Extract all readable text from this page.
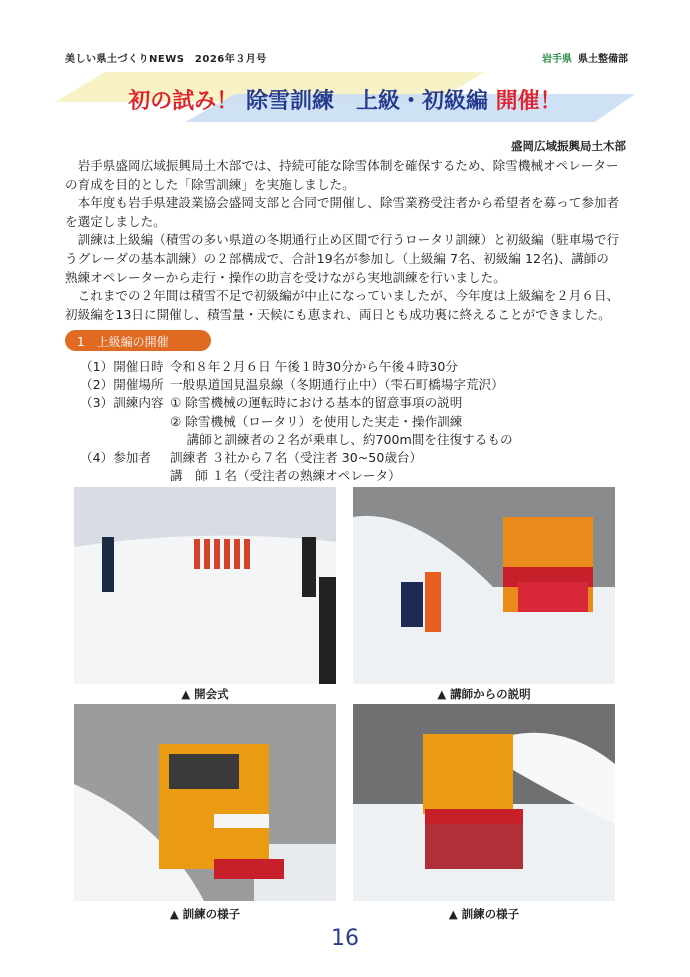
美しい県土づくりNEWS　2026年３月号	岩手県 県土整備部
初の試み！ 除雪訓練　上級・初級編 開催！
盛岡広域振興局土木部
　岩手県盛岡広域振興局土木部では、持続可能な除雪体制を確保するため、除雪機械オペレーター
の育成を目的とした「除雪訓練」を実施しました。
　本年度も岩手県建設業協会盛岡支部と合同で開催し、除雪業務受注者から希望者を募って参加者
を選定しました。
　訓練は上級編（積雪の多い県道の冬期通行止め区間で行うロータリ訓練）と初級編（駐車場で行
うグレーダの基本訓練）の２部構成で、合計19名が参加し（上級編 7名、初級編 12名)、講師の
熟練オペレーターから走行・操作の助言を受けながら実地訓練を行いました。
　これまでの２年間は積雪不足で初級編が中止になっていましたが、今年度は上級編を２月６日、
初級編を13日に開催し、積雪量・天候にも恵まれ、両日とも成功裏に終えることができました。
1　上級編の開催
（1）開催日時 令和８年２月６日 午後１時30分から午後４時30分
（2）開催場所 一般県道国見温泉線（冬期通行止中）（雫石町橋場字荒沢）
（3）訓練内容 ① 除雪機械の運転時における基本的留意事項の説明
② 除雪機械（ロータリ）を使用した実走・操作訓練
　 講師と訓練者の２名が乗車し、約700m間を往復するもの
（4）参加者	訓練者 ３社から７名（受注者 30~50歳台）
講　師 １名（受注者の熟練オペレータ）
▲ 開会式	▲ 講師からの説明
▲ 訓練の様子	▲ 訓練の様子
16
